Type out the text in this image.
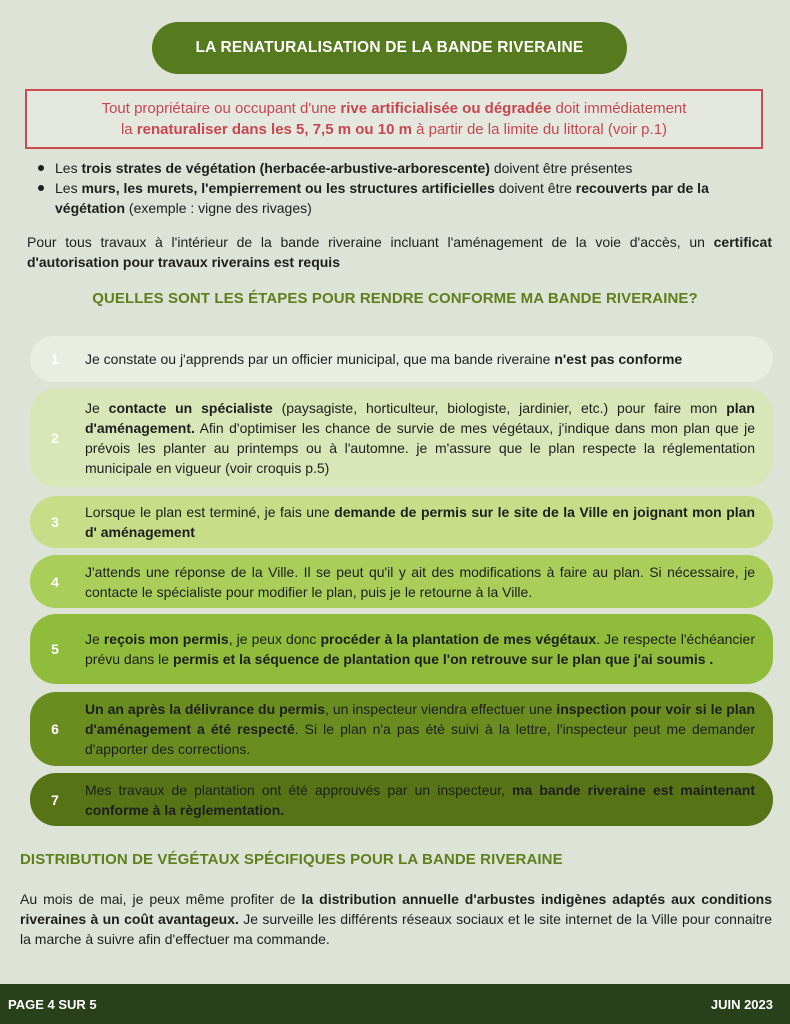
LA RENATURALISATION DE LA BANDE RIVERAINE
Tout propriétaire ou occupant d'une rive artificialisée ou dégradée doit immédiatement
la renaturaliser dans les 5, 7,5 m ou 10 m à partir de la limite du littoral (voir p.1)
Les trois strates de végétation (herbacée-arbustive-arborescente) doivent être présentes
Les murs, les murets, l'empierrement ou les structures artificielles doivent être recouverts par de la végétation (exemple : vigne des rivages)

Pour tous travaux à l'intérieur de la bande riveraine incluant l'aménagement de la voie d'accès, un certificat d'autorisation pour travaux riverains est requis

QUELLES SONT LES ÉTAPES POUR RENDRE CONFORME MA BANDE RIVERAINE?
1	Je constate ou j'apprends par un officier municipal, que ma bande riveraine n'est pas conforme
2
Je contacte un spécialiste (paysagiste, horticulteur, biologiste, jardinier, etc.) pour faire mon plan d'aménagement. Afin d'optimiser les chance de survie de mes végétaux, j'indique dans mon plan que je prévois les planter au printemps ou à l'automne. je m'assure que le plan respecte la réglementation municipale en vigueur (voir croquis p.5)
3
Lorsque le plan est terminé, je fais une demande de permis sur le site de la Ville en joignant mon plan d' aménagement
4
J'attends une réponse de la Ville. Il se peut qu'il y ait des modifications à faire au plan. Si nécessaire, je contacte le spécialiste pour modifier le plan, puis je le retourne à la Ville.
5
Je reçois mon permis, je peux donc procéder à la plantation de mes végétaux. Je respecte l'échéancier prévu dans le permis et la séquence de plantation que l'on retrouve sur le plan que j'ai soumis .
6
Un an après la délivrance du permis, un inspecteur viendra effectuer une inspection pour voir si le plan d'aménagement a été respecté. Si le plan n'a pas été suivi à la lettre, l'inspecteur peut me demander d'apporter des corrections.
7
Mes travaux de plantation ont été approuvés par un inspecteur, ma bande riveraine est maintenant conforme à la règlementation.
DISTRIBUTION DE VÉGÉTAUX SPÉCIFIQUES POUR LA BANDE RIVERAINE

Au mois de mai, je peux même profiter de la distribution annuelle d'arbustes indigènes adaptés aux conditions riveraines à un coût avantageux. Je surveille les différents réseaux sociaux et le site internet de la Ville pour connaitre la marche à suivre afin d'effectuer ma commande.

PAGE 4 SUR 5	JUIN 2023
